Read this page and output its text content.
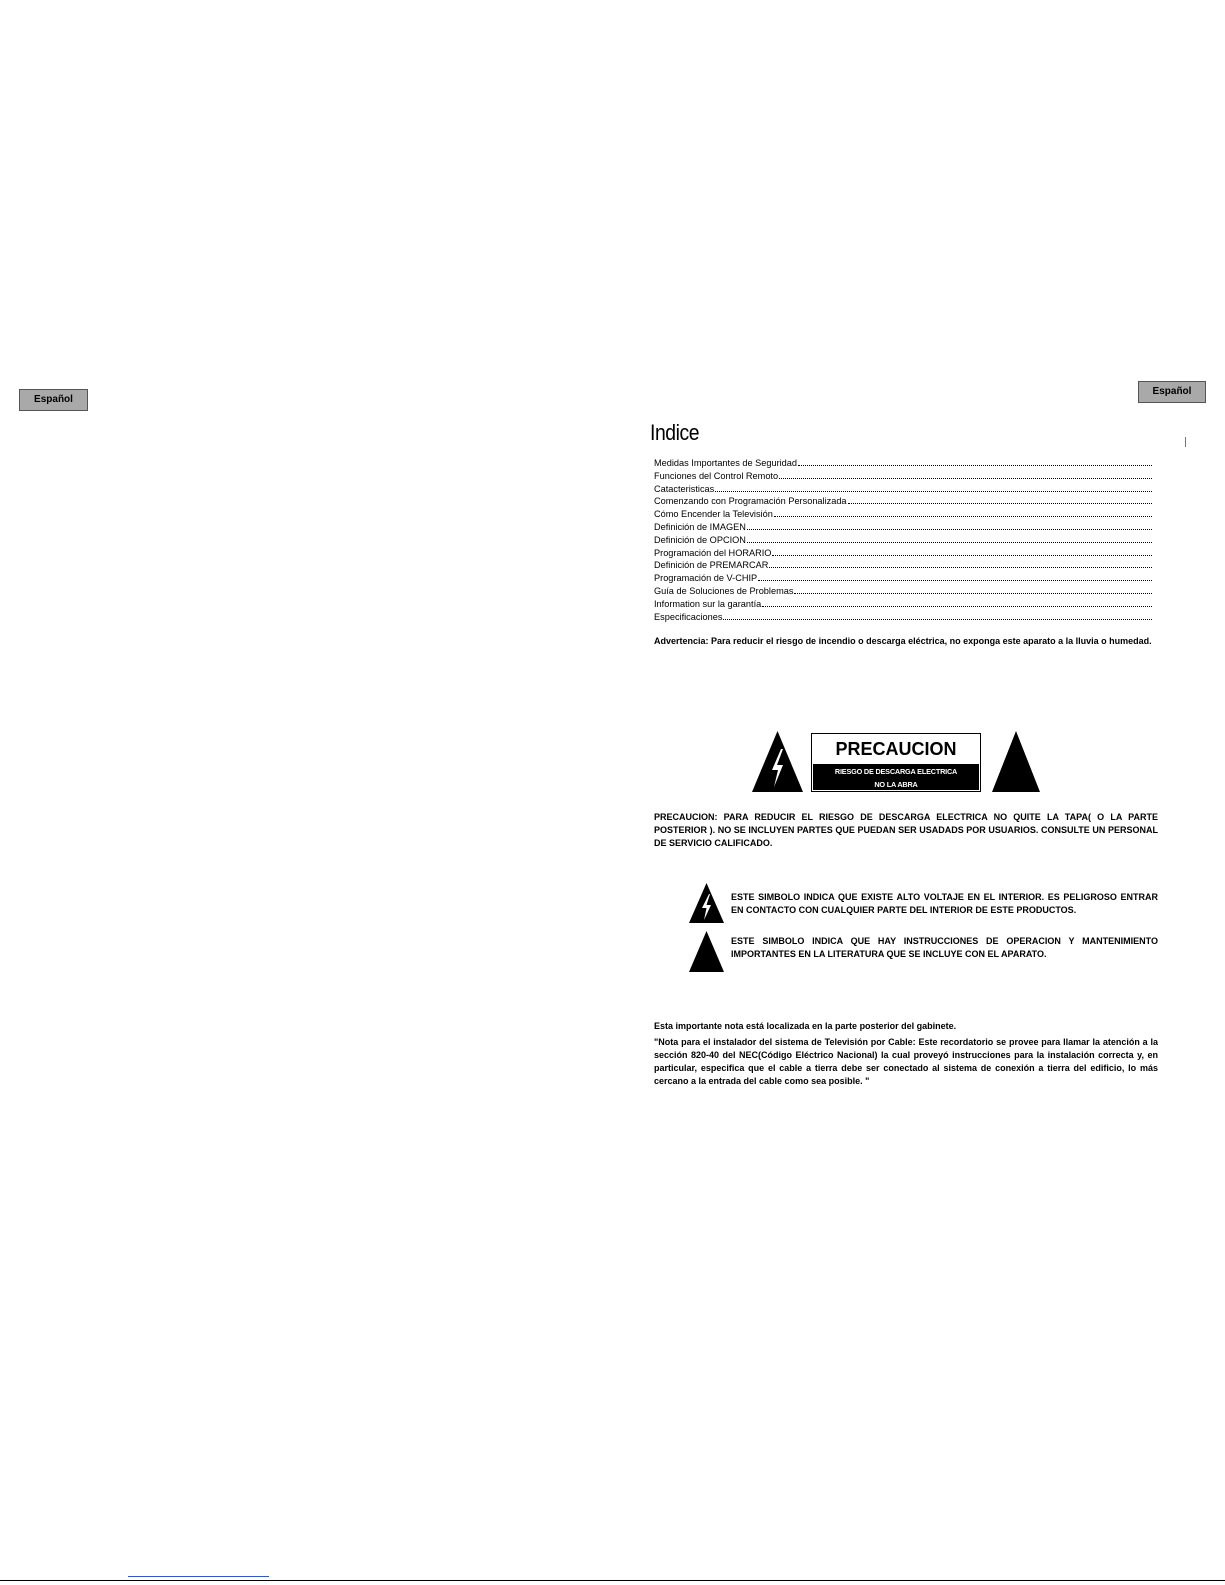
Español
Español
Indice
Medidas Importantes de Seguridad
Funciones del Control Remoto
Catacteristicas
Comenzando con Programación Personalizada
Cómo Encender la Televisión
Definición de IMAGEN
Definición de OPCION
Programación del HORARIO
Definición de PREMARCAR
Programación de V-CHIP
Guía de Soluciones de Problemas
Information sur la garantía
Especificaciones
Advertencia: Para reducir el riesgo de incendio o descarga eléctrica, no exponga este aparato a la lluvia o humedad.
PRECAUCION
RIESGO DE DESCARGA ELECTRICA
NO LA ABRA
PRECAUCION: PARA REDUCIR EL RIESGO DE DESCARGA ELECTRICA NO QUITE LA TAPA( O LA PARTE POSTERIOR ). NO SE INCLUYEN PARTES QUE PUEDAN SER USADADS POR USUARIOS. CONSULTE UN PERSONAL DE SERVICIO CALIFICADO.
ESTE SIMBOLO INDICA QUE EXISTE ALTO VOLTAJE EN EL INTERIOR. ES PELIGROSO ENTRAR EN CONTACTO CON CUALQUIER PARTE DEL INTERIOR DE ESTE PRODUCTOS.
ESTE SIMBOLO INDICA QUE HAY INSTRUCCIONES DE OPERACION Y MANTENIMIENTO IMPORTANTES EN LA LITERATURA QUE SE INCLUYE CON EL APARATO.
Esta importante nota está localizada en la parte posterior del gabinete.
"Nota para el instalador del sistema de Televisión por Cable: Este recordatorio se provee para llamar la atención a la sección 820-40 del NEC(Código Eléctrico Nacional) la cual proveyó instrucciones para la instalación correcta y, en particular, especifica que el cable a tierra debe ser conectado al sistema de conexión a tierra del edificio, lo más cercano a la entrada del cable como sea posible. "
